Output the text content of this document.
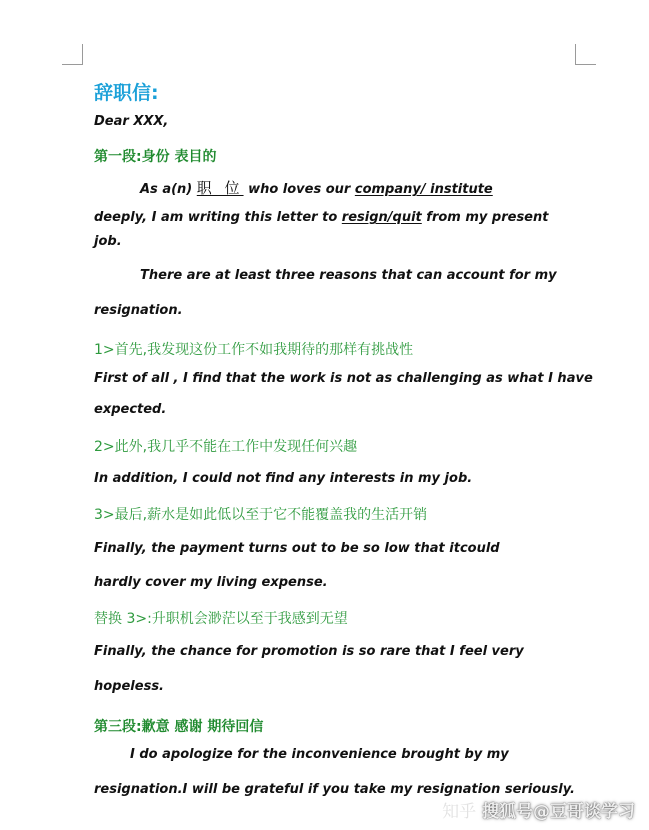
辞职信:
Dear XXX,
第一段:身份 表目的
As a(n) 职 位 who loves our company/ institute
deeply, I am writing this letter to resign/quit from my present
job.
There are at least three reasons that can account for my
resignation.
1>首先,我发现这份工作不如我期待的那样有挑战性
First of all , I find that the work is not as challenging as what I have
expected.
2>此外,我几乎不能在工作中发现任何兴趣
In addition, I could not find any interests in my job.
3>最后,薪水是如此低以至于它不能覆盖我的生活开销
Finally, the payment turns out to be so low that itcould
hardly cover my living expense.
替换 3>:升职机会渺茫以至于我感到无望
Finally, the chance for promotion is so rare that I feel very
hopeless.
第三段:歉意 感谢 期待回信
I do apologize for the inconvenience brought by my
resignation.I will be grateful if you take my resignation seriously.
知乎 搜狐号@豆哥谈学习
